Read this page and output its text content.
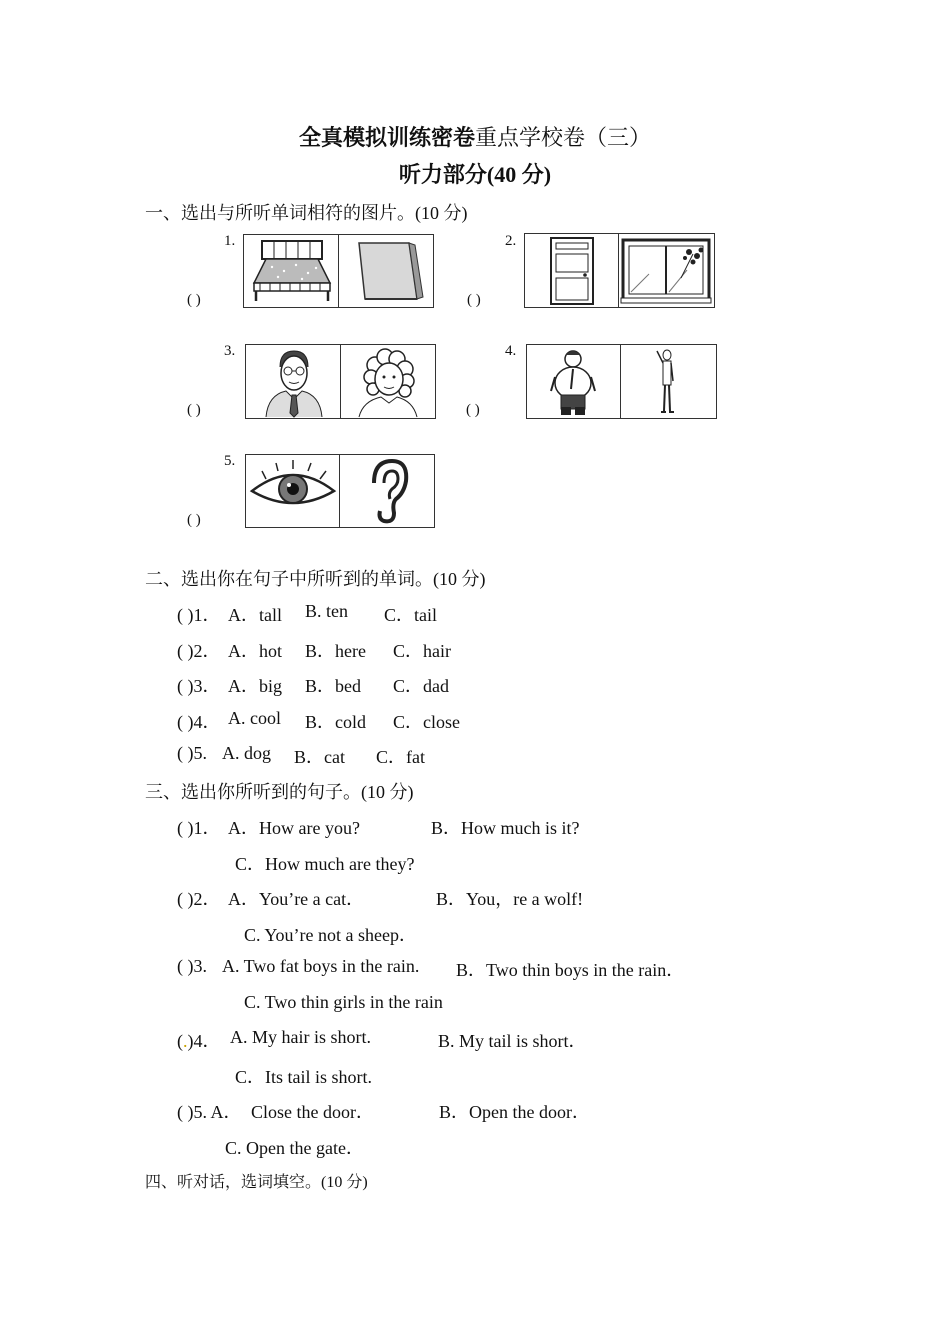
全真模拟训练密卷重点学校卷（三）
听力部分(40 分)
一、选出与所听单词相符的图片。(10 分)
1.
( )
2.
( )
3.
( )
4.
( )
5.
( )
二、选出你在句子中所听到的单词。(10 分)
( )1． A．tall B. ten C．tail
( )2． A．hot B．here C．hair
( )3． A．big B．bed C．dad
( )4． A. cool B．cold C．close
( )5. A. dog B．cat C．fat
三、选出你所听到的句子。(10 分)
( )1． A．How are you?	B．How much is it?
C．How much are they?
( )2． A．You’re a cat．	B．You，re a wolf!
C. You’re not a sheep．
( )3. A. Two fat boys in the rain. B．Two thin boys in the rain．
C. Two thin girls in the rain
(.)4． A. My hair is short.	B. My tail is short．
C．Its tail is short.
( )5. A． Close the door．	B．Open the door．
C. Open the gate．
四、听对话，选词填空。(10 分)
